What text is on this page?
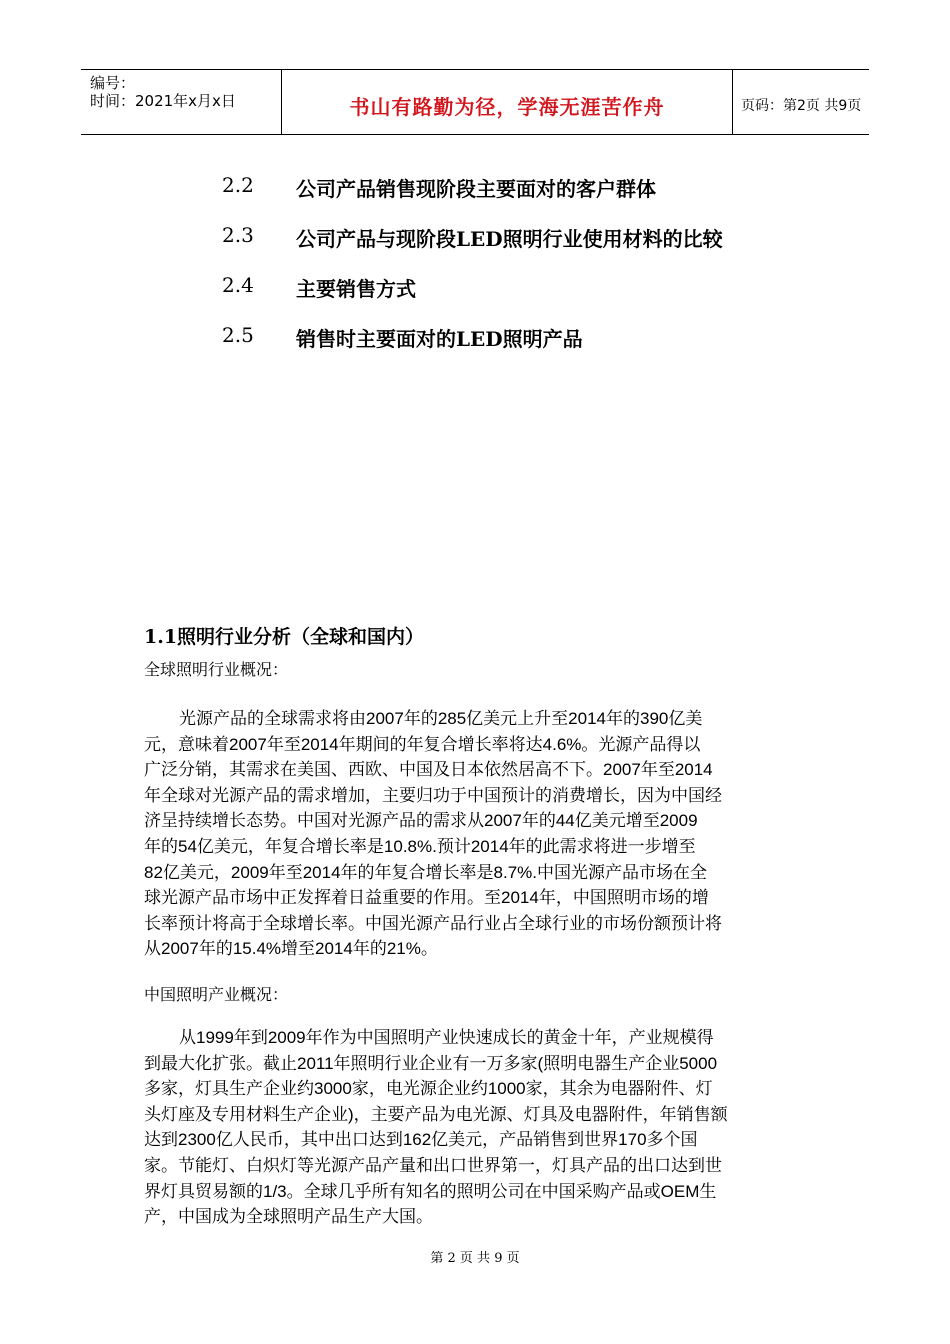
编号：
时间：2021年x月x日	书山有路勤为径，学海无涯苦作舟	页码：第2页 共9页
2.2 公司产品销售现阶段主要面对的客户群体
2.3 公司产品与现阶段LED照明行业使用材料的比较
2.4 主要销售方式
2.5 销售时主要面对的LED照明产品
1.1照明行业分析（全球和国内）
全球照明行业概况：
光源产品的全球需求将由2007年的285亿美元上升至2014年的390亿美
元，意味着2007年至2014年期间的年复合增长率将达4.6%。光源产品得以
广泛分销，其需求在美国、西欧、中国及日本依然居高不下。2007年至2014
年全球对光源产品的需求增加，主要归功于中国预计的消费增长，因为中国经
济呈持续增长态势。中国对光源产品的需求从2007年的44亿美元增至2009
年的54亿美元，年复合增长率是10.8%.预计2014年的此需求将进一步增至
82亿美元，2009年至2014年的年复合增长率是8.7%.中国光源产品市场在全
球光源产品市场中正发挥着日益重要的作用。至2014年，中国照明市场的增
长率预计将高于全球增长率。中国光源产品行业占全球行业的市场份额预计将
从2007年的15.4%增至2014年的21%。
中国照明产业概况：
从1999年到2009年作为中国照明产业快速成长的黄金十年，产业规模得
到最大化扩张。截止2011年照明行业企业有一万多家(照明电器生产企业5000
多家，灯具生产企业约3000家，电光源企业约1000家，其余为电器附件、灯
头灯座及专用材料生产企业)，主要产品为电光源、灯具及电器附件，年销售额
达到2300亿人民币，其中出口达到162亿美元，产品销售到世界170多个国
家。节能灯、白炽灯等光源产品产量和出口世界第一，灯具产品的出口达到世
界灯具贸易额的1/3。全球几乎所有知名的照明公司在中国采购产品或OEM生
产，中国成为全球照明产品生产大国。
第 2 页 共 9 页
